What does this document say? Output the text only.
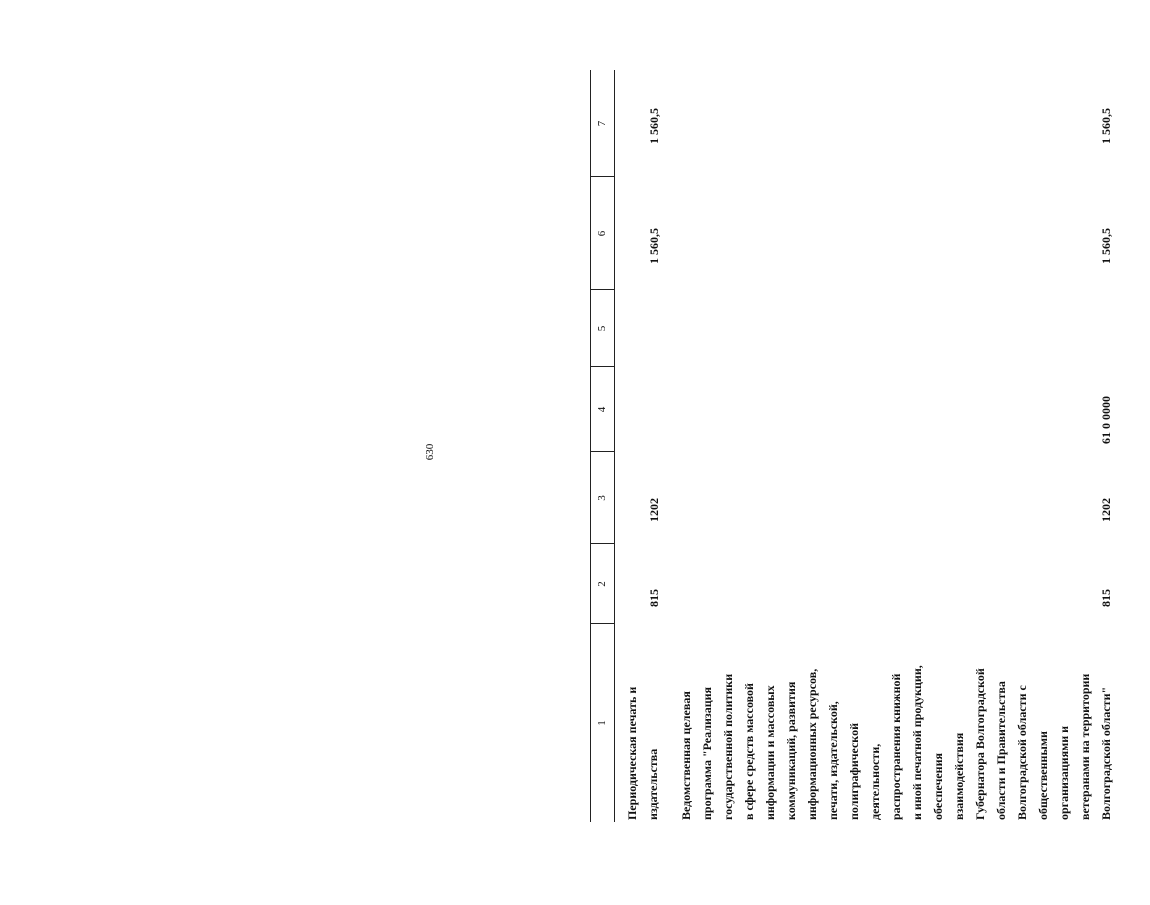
630
1
2
3
4
5
6
7
Периодическая печать и издательства
815
1202
1 560,5
1 560,5
Ведомственная целевая программа "Реализация государственной политики в сфере средств массовой информации и массовых коммуникаций, развития информационных ресурсов, печати, издательской, полиграфической деятельности, распространения книжной и иной печатной продукции, обеспечения взаимодействия Губернатора Волгоградской области и Правительства Волгоградской области с общественными организациями и ветеранами на территории Волгоградской области"
815
1202
61 0 0000
1 560,5
1 560,5
